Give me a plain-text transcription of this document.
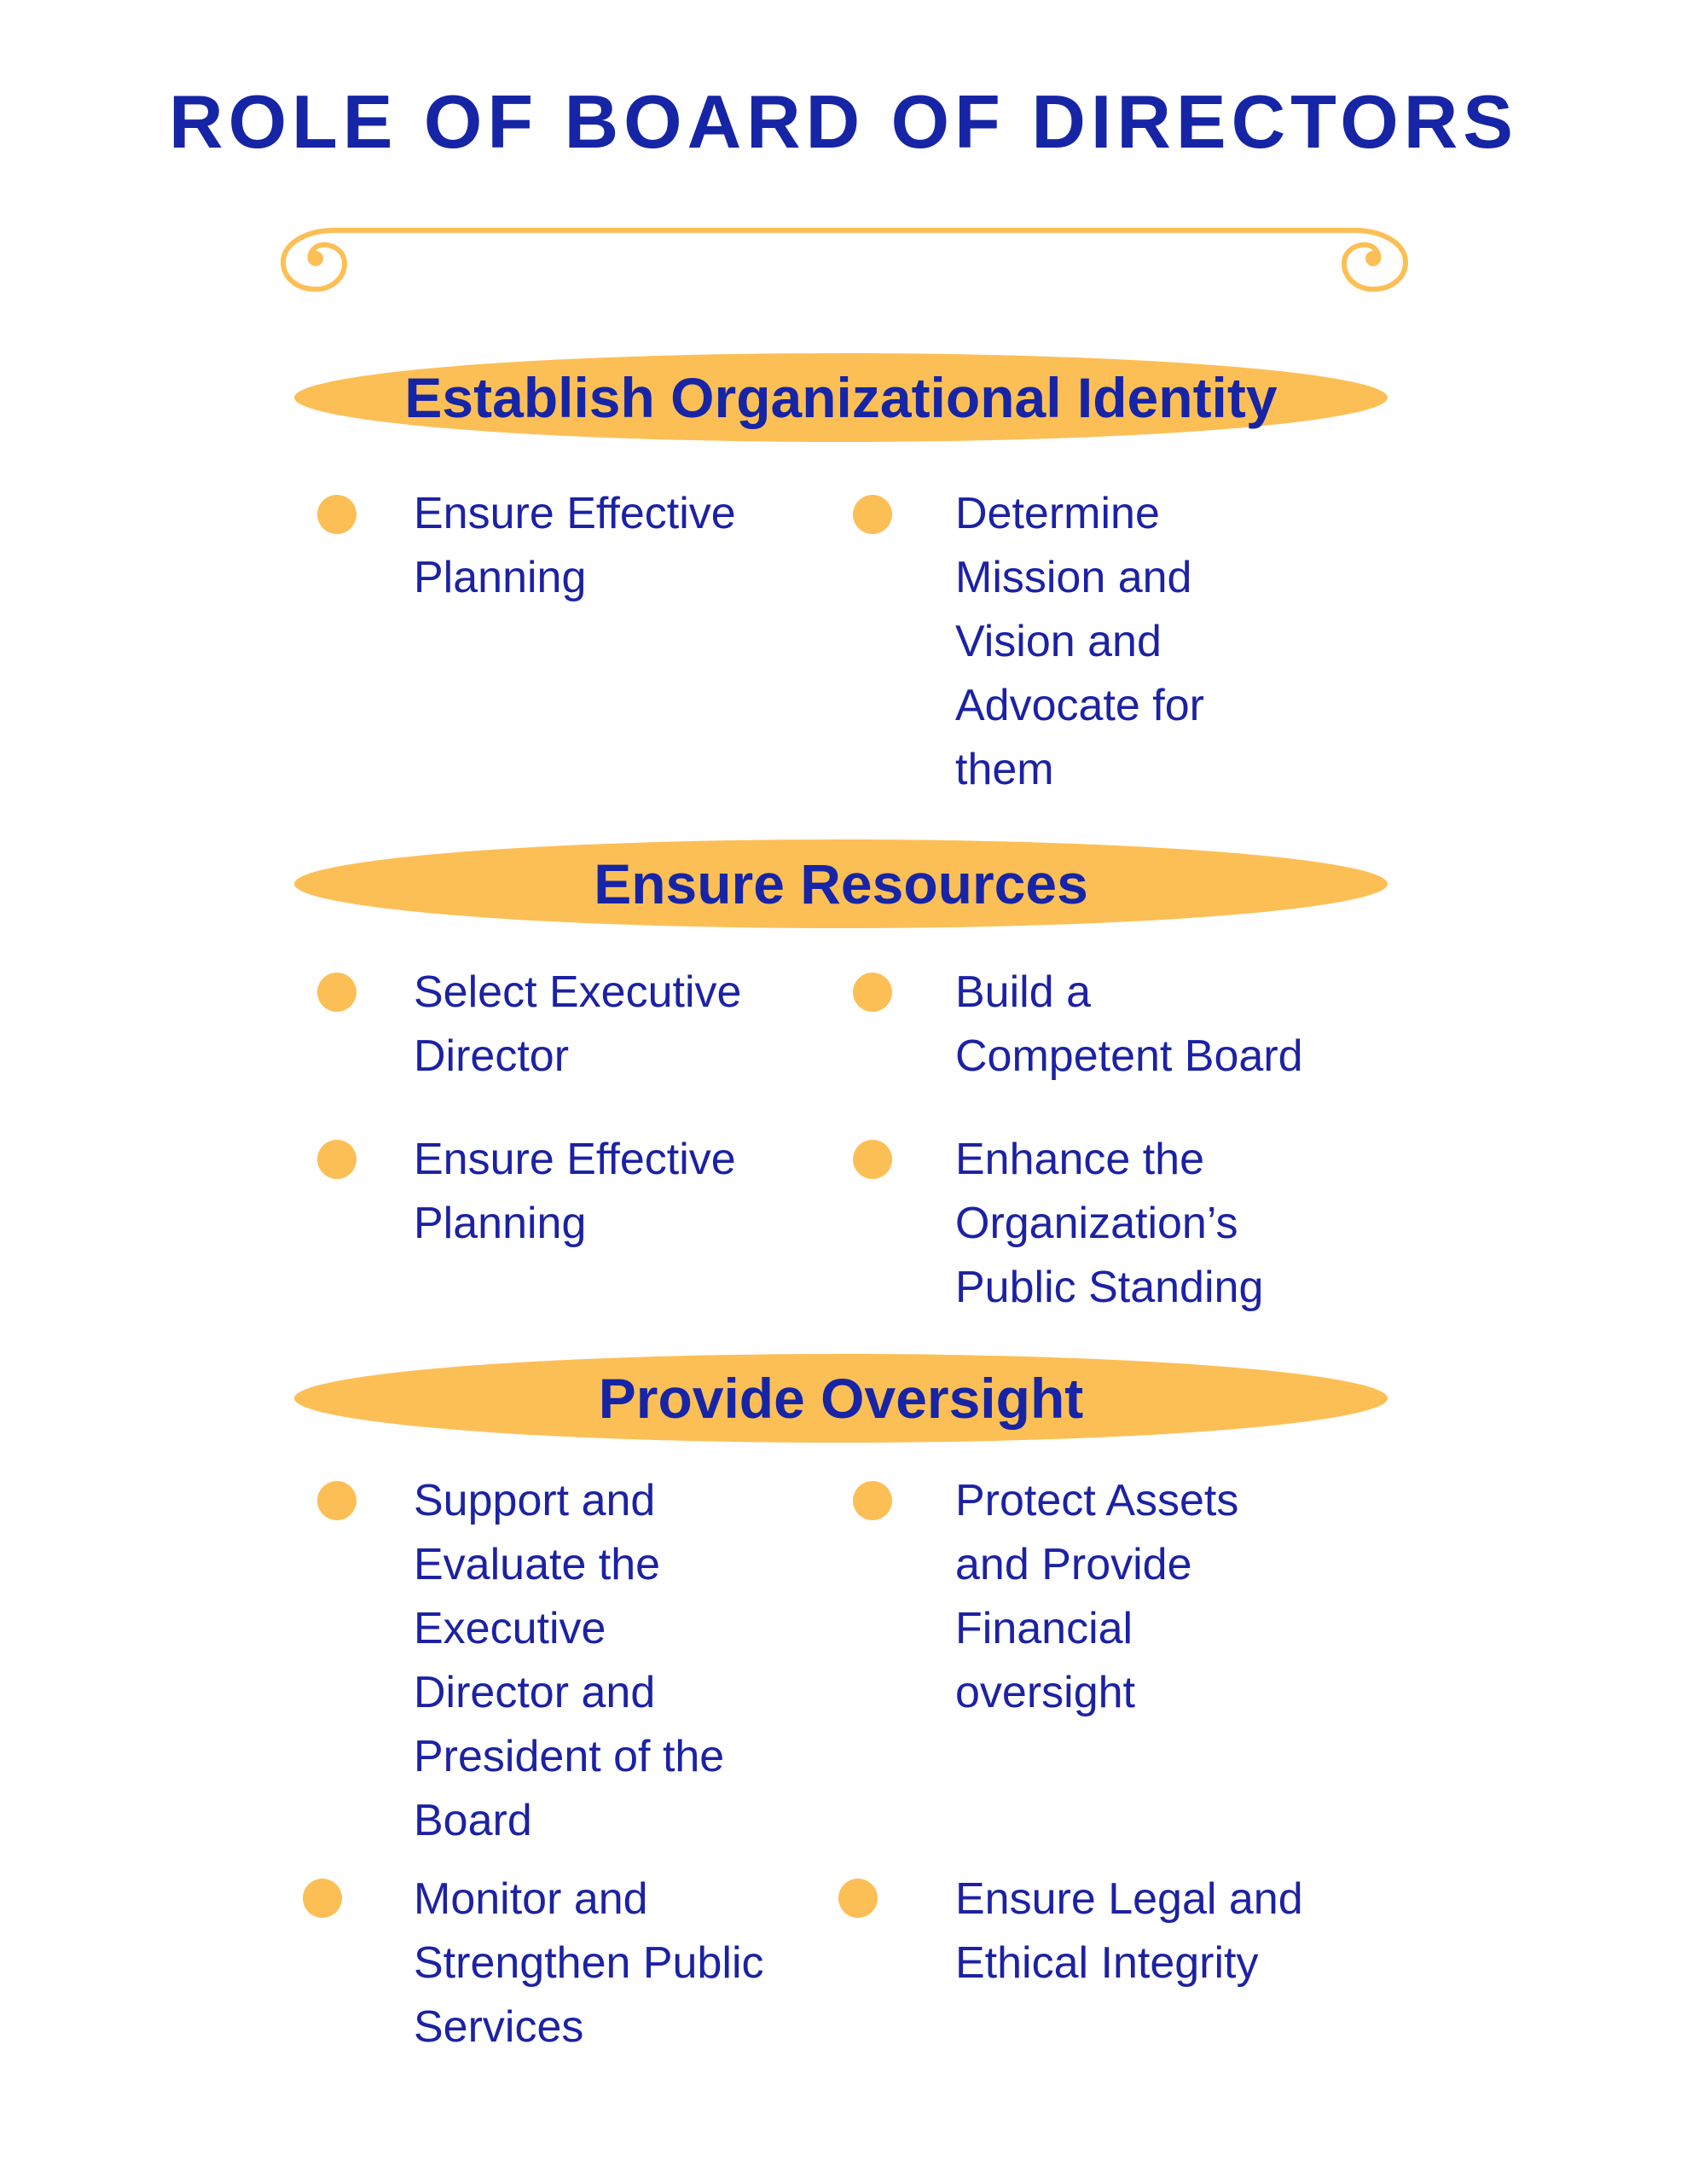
ROLE OF BOARD OF DIRECTORS
Establish Organizational Identity
Ensure Effective
Planning
Determine
Mission and
Vision and
Advocate for
them
Ensure Resources
Select Executive
Director
Build a
Competent Board
Ensure Effective
Planning
Enhance the
Organization’s
Public Standing
Provide Oversight
Support and
Evaluate the
Executive
Director and
President of the
Board
Protect Assets
and Provide
Financial
oversight
Monitor and
Strengthen Public
Services
Ensure Legal and
Ethical Integrity
